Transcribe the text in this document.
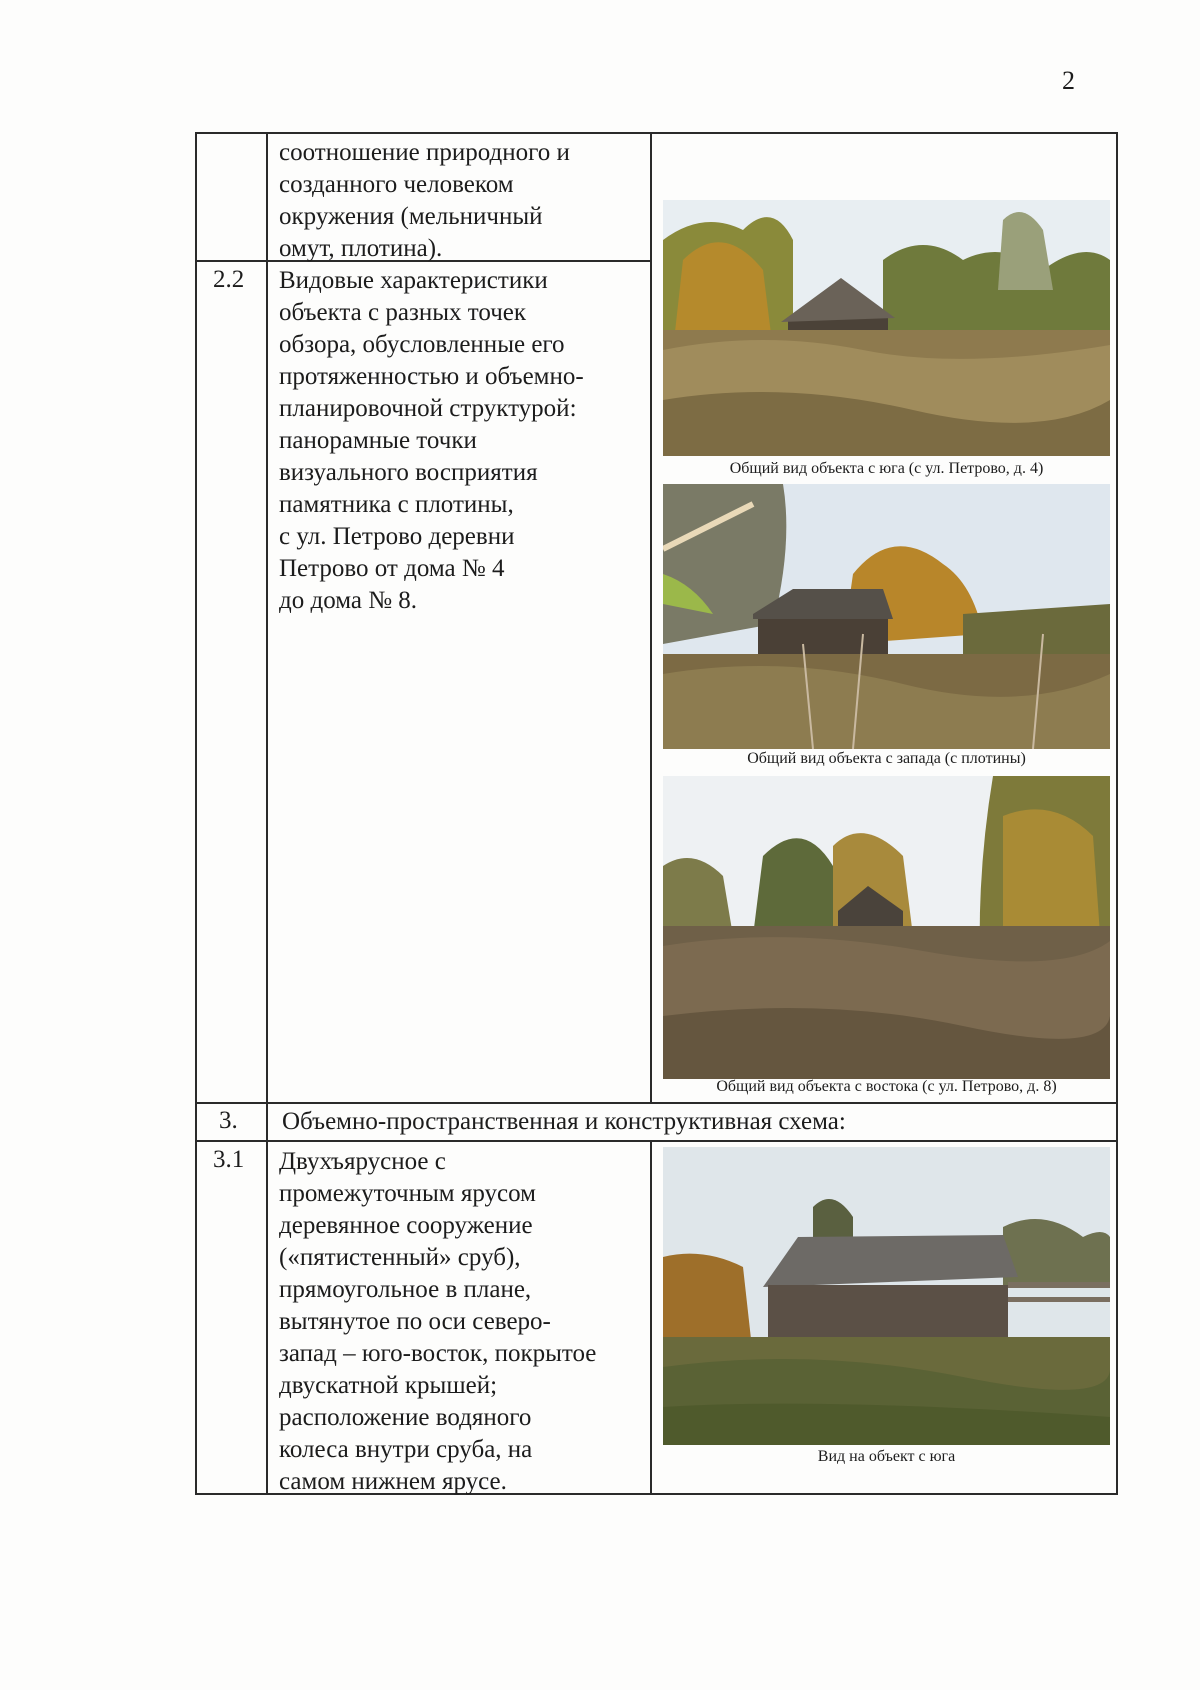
2
соотношение природного и
созданного человеком
окружения (мельничный
омут, плотина).
2.2 Видовые характеристики
объекта с разных точек
обзора, обусловленные его
протяженностью и объемно-
планировочной структурой:
панорамные точки
визуального восприятия
памятника с плотины,
с ул. Петрово деревни
Петрово от дома № 4
до дома № 8.
3. Объемно-пространственная и конструктивная схема:
3.1 Двухъярусное с
промежуточным ярусом
деревянное сооружение
(«пятистенный» сруб),
прямоугольное в плане,
вытянутое по оси северо-
запад – юго-восток, покрытое
двускатной крышей;
расположение водяного
колеса внутри сруба, на
самом нижнем ярусе.
Общий вид объекта с юга (с ул. Петрово, д. 4)
Общий вид объекта с запада (с плотины)
Общий вид объекта с востока (с ул. Петрово, д. 8)
Вид на объект с юга
